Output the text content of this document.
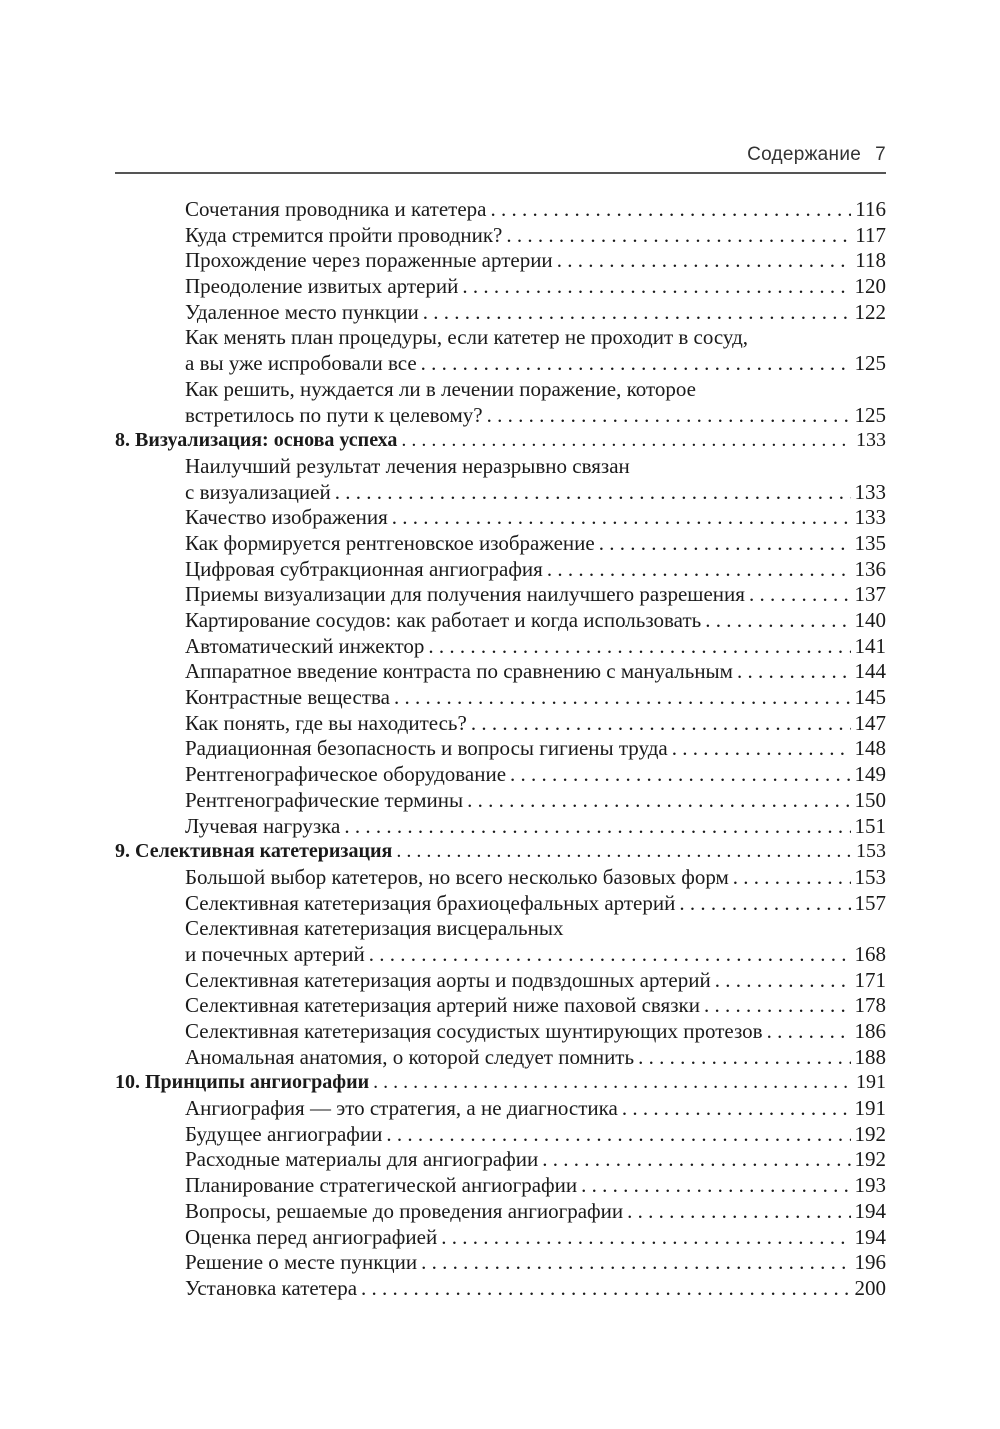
Содержание 7
Сочетания проводника и катетера . . .	116
Куда стремится пройти проводник? . . .	117
Прохождение через пораженные артерии . . .	118
Преодоление извитых артерий . . .	120
Удаленное место пункции . . .	122
Как менять план процедуры, если катетер не проходит в сосуд,
а вы уже испробовали все . . .	125
Как решить, нуждается ли в лечении поражение, которое
встретилось по пути к целевому? . . .	125
8. Визуализация: основа успеха . . .	133
Наилучший результат лечения неразрывно связан
с визуализацией . . .	133
Качество изображения . . .	133
Как формируется рентгеновское изображение . . .	135
Цифровая субтракционная ангиография . . .	136
Приемы визуализации для получения наилучшего разрешения . . .	137
Картирование сосудов: как работает и когда использовать . . .	140
Автоматический инжектор . . .	141
Аппаратное введение контраста по сравнению с мануальным . . .	144
Контрастные вещества . . .	145
Как понять, где вы находитесь? . . .	147
Радиационная безопасность и вопросы гигиены труда . . .	148
Рентгенографическое оборудование . . .	149
Рентгенографические термины . . .	150
Лучевая нагрузка . . .	151
9. Селективная катетеризация . . .	153
Большой выбор катетеров, но всего несколько базовых форм . . .	153
Селективная катетеризация брахиоцефальных артерий . . .	157
Селективная катетеризация висцеральных
и почечных артерий . . .	168
Селективная катетеризация аорты и подвздошных артерий . . .	171
Селективная катетеризация артерий ниже паховой связки . . .	178
Селективная катетеризация сосудистых шунтирующих протезов . . .	186
Аномальная анатомия, о которой следует помнить . . .	188
10. Принципы ангиографии . . .	191
Ангиография — это стратегия, а не диагностика . . .	191
Будущее ангиографии . . .	192
Расходные материалы для ангиографии . . .	192
Планирование стратегической ангиографии . . .	193
Вопросы, решаемые до проведения ангиографии . . .	194
Оценка перед ангиографией . . .	194
Решение о месте пункции . . .	196
Установка катетера . . .	200
